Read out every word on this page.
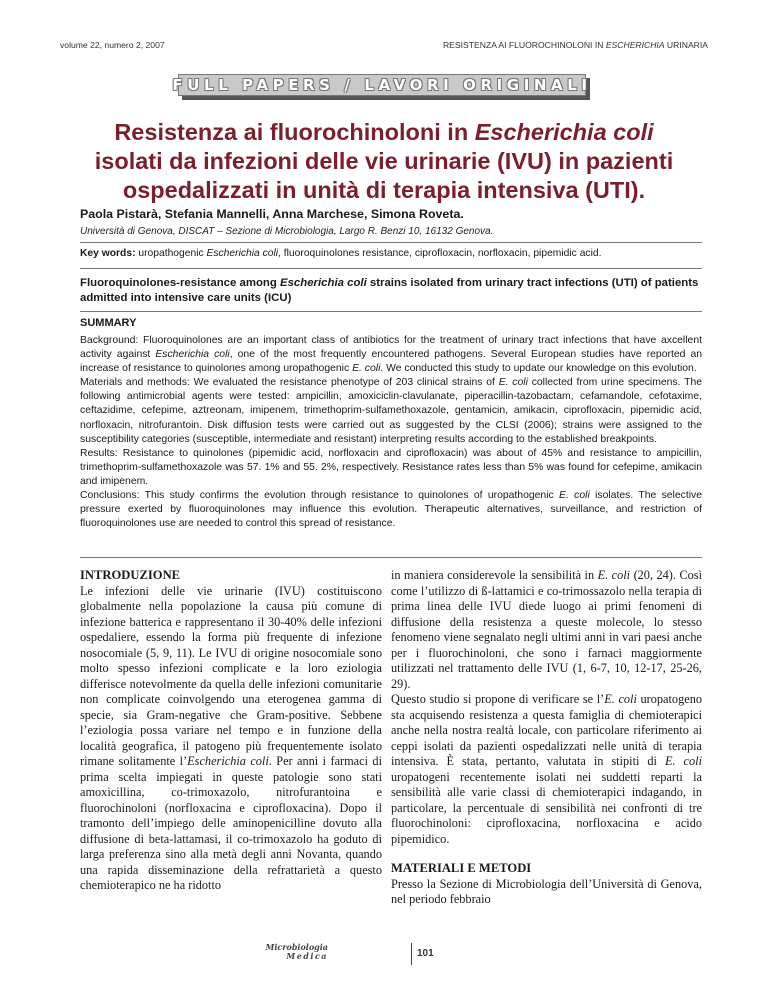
volume 22, numero 2, 2007	RESISTENZA AI FLUOROCHINOLONI IN ESCHERICHIA URINARIA
FULL PAPERS / LAVORI ORIGINALI
Resistenza ai fluorochinoloni in Escherichia coli
isolati da infezioni delle vie urinarie (IVU) in pazienti
ospedalizzati in unità di terapia intensiva (UTI).

Paola Pistarà, Stefania Mannelli, Anna Marchese, Simona Roveta.

Università di Genova, DISCAT – Sezione di Microbiologia, Largo R. Benzi 10, 16132 Genova.

Key words: uropathogenic Escherichia coli, fluoroquinolones resistance, ciprofloxacin, norfloxacin, pipemidic acid.

Fluoroquinolones-resistance among Escherichia coli strains isolated from urinary tract infections (UTI) of patients admitted into intensive care units (ICU)

SUMMARY

Background: Fluoroquinolones are an important class of antibiotics for the treatment of urinary tract infections that have axcellent activity against Escherichia coli, one of the most frequently encountered pathogens. Several European studies have reported an increase of resistance to quinolones among uropathogenic E. coli. We conducted this study to update our knowledge on this evolution.

Materials and methods: We evaluated the resistance phenotype of 203 clinical strains of E. coli collected from urine specimens. The following antimicrobial agents were tested: ampicillin, amoxiciclin-clavulanate, piperacillin-tazobactam, cefamandole, cefotaxime, ceftazidime, cefepime, aztreonam, imipenem, trimethoprim-sulfamethoxazole, gentamicin, amikacin, ciprofloxacin, pipemidic acid, norfloxacin, nitrofurantoin. Disk diffusion tests were carried out as suggested by the CLSI (2006); strains were assigned to the susceptibility categories (susceptible, intermediate and resistant) interpreting results according to the established breakpoints.

Results: Resistance to quinolones (pipemidic acid, norfloxacin and ciprofloxacin) was about of 45% and resistance to ampicillin, trimethoprim-sulfamethoxazole was 57. 1% and 55. 2%, respectively. Resistance rates less than 5% was found for cefepime, amikacin and imipenem.

Conclusions: This study confirms the evolution through resistance to quinolones of uropathogenic E. coli isolates. The selective pressure exerted by fluoroquinolones may influence this evolution. Therapeutic alternatives, surveillance, and restriction of fluoroquinolones use are needed to control this spread of resistance.

INTRODUZIONE

Le infezioni delle vie urinarie (IVU) costituiscono globalmente nella popolazione la causa più comune di infezione batterica e rappresentano il 30-40% delle infezioni ospedaliere, essendo la forma più frequente di infezione nosocomiale (5, 9, 11). Le IVU di origine nosocomiale sono molto spesso infezioni complicate e la loro eziologia differisce notevolmente da quella delle infezioni comunitarie non complicate coinvolgendo una eterogenea gamma di specie, sia Gram-negative che Gram-positive. Sebbene l’eziologia possa variare nel tempo e in funzione della località geografica, il patogeno più frequentemente isolato rimane solitamente l’Escherichia coli. Per anni i farmaci di prima scelta impiegati in queste patologie sono stati amoxicillina, co-trimoxazolo, nitrofurantoina e fluorochinoloni (norfloxacina e ciprofloxacina). Dopo il tramonto dell’impiego delle aminopenicilline dovuto alla diffusione di beta-lattamasi, il co-trimoxazolo ha goduto di larga preferenza sino alla metà degli anni Novanta, quando una rapida disseminazione della refrattarietà a questo chemioterapico ne ha ridotto

in maniera considerevole la sensibilità in E. coli (20, 24). Così come l’utilizzo di ß-lattamici e co-trimossazolo nella terapia di prima linea delle IVU diede luogo ai primi fenomeni di diffusione della resistenza a queste molecole, lo stesso fenomeno viene segnalato negli ultimi anni in vari paesi anche per i fluorochinoloni, che sono i farnaci maggiormente utilizzati nel trattamento delle IVU (1, 6-7, 10, 12-17, 25-26, 29).

Questo studio si propone di verificare se l’E. coli uropatogeno sta acquisendo resistenza a questa famiglia di chemioterapici anche nella nostra realtà locale, con particolare riferimento ai ceppi isolati da pazienti ospedalizzati nelle unità di terapia intensiva. È stata, pertanto, valutata in stipiti di E. coli uropatogeni recentemente isolati nei suddetti reparti la sensibilità alle varie classi di chemioterapici indagando, in particolare, la percentuale di sensibilità nei confronti di tre fluorochinoloni: ciprofloxacina, norfloxacina e acido pipemidico.

MATERIALI E METODI

Presso la Sezione di Microbiologia dell’Università di Genova, nel periodo febbraio

Microbiologia
Medica	101
